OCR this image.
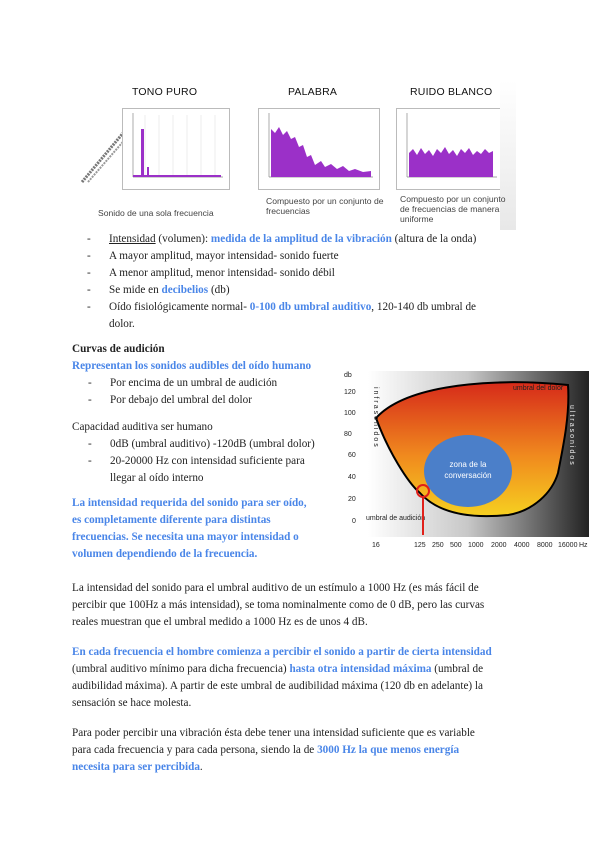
TONO PURO
Sonido de una sola frecuencia
PALABRA
Compuesto por un conjunto de frecuencias
RUIDO BLANCO
Compuesto por un conjunto de frecuencias de manera uniforme
- Intensidad (volumen): medida de la amplitud de la vibración (altura de la onda)
- A mayor amplitud, mayor intensidad- sonido fuerte
- A menor amplitud, menor intensidad- sonido débil
- Se mide en decibelios (db)
- Oído fisiológicamente normal- 0-100 db umbral auditivo, 120-140 db umbral de
dolor.
Curvas de audición
Representan los sonidos audibles del oído humano
- Por encima de un umbral de audición
- Por debajo del umbral del dolor
Capacidad auditiva ser humano
- 0dB (umbral auditivo) -120dB (umbral dolor)
- 20-20000 Hz con intensidad suficiente para
llegar al oído interno
La intensidad requerida del sonido para ser oído,
es completamente diferente para distintas
frecuencias. Se necesita una mayor intensidad o
volumen dependiendo de la frecuencia.
db
120
100
80
60
40
20
0
zona de la
conversación
umbral del dolor
umbral de audición
infrasonidos	ultrasonidos
16	125 250 500 1000 2000 4000 8000 16000 Hz
La intensidad del sonido para el umbral auditivo de un estímulo a 1000 Hz (es más fácil de
percibir que 100Hz a más intensidad), se toma nominalmente como de 0 dB, pero las curvas
reales muestran que el umbral medido a 1000 Hz es de unos 4 dB.
En cada frecuencia el hombre comienza a percibir el sonido a partir de cierta intensidad
(umbral auditivo mínimo para dicha frecuencia) hasta otra intensidad máxima (umbral de
audibilidad máxima). A partir de este umbral de audibilidad máxima (120 db en adelante) la
sensación se hace molesta.
Para poder percibir una vibración ésta debe tener una intensidad suficiente que es variable
para cada frecuencia y para cada persona, siendo la de 3000 Hz la que menos energía
necesita para ser percibida.
